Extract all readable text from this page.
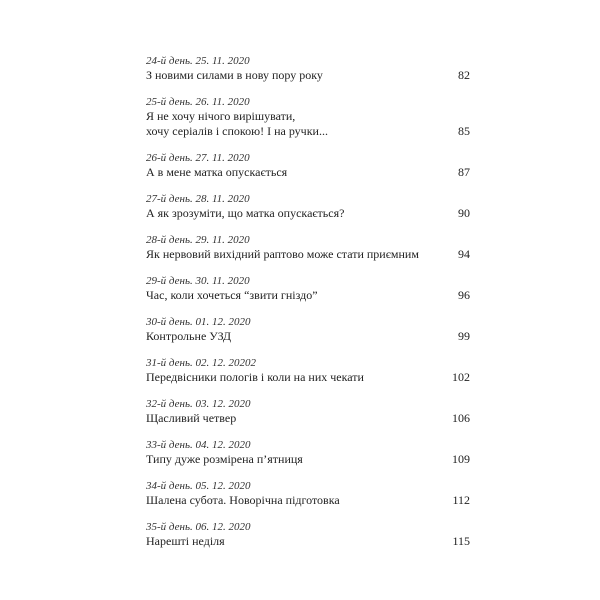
24-й день. 25. 11. 2020
З новими силами в нову пору року	82
25-й день. 26. 11. 2020
Я не хочу нічого вирішувати,
хочу серіалів і спокою! І на ручки...	85
26-й день. 27. 11. 2020
А в мене матка опускається	87
27-й день. 28. 11. 2020
А як зрозуміти, що матка опускається?	90
28-й день. 29. 11. 2020
Як нервовий вихідний раптово може стати приємним	94
29-й день. 30. 11. 2020
Час, коли хочеться “звити гніздо”	96
30-й день. 01. 12. 2020
Контрольне УЗД	99
31-й день. 02. 12. 20202
Передвісники пологів і коли на них чекати	102
32-й день. 03. 12. 2020
Щасливий четвер	106
33-й день. 04. 12. 2020
Типу дуже розмірена п’ятниця	109
34-й день. 05. 12. 2020
Шалена субота. Новорічна підготовка	112
35-й день. 06. 12. 2020
Нарешті неділя	115
